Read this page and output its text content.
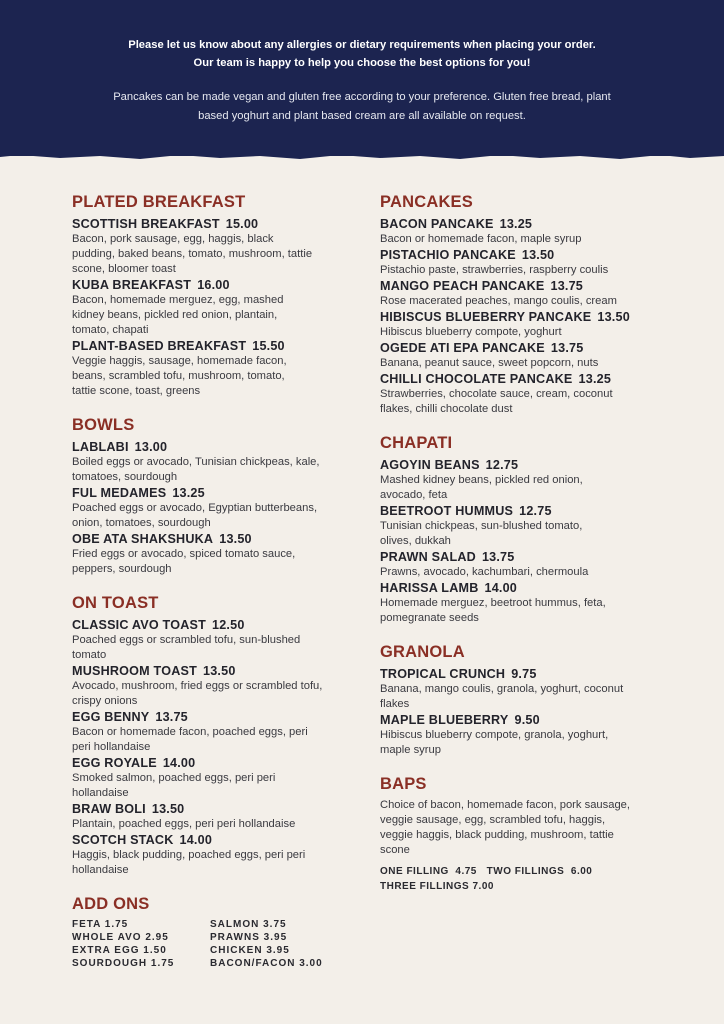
Please let us know about any allergies or dietary requirements when placing your order.
Our team is happy to help you choose the best options for you!
Pancakes can be made vegan and gluten free according to your preference. Gluten free bread, plant
based yoghurt and plant based cream are all available on request.
PLATED BREAKFAST
SCOTTISH BREAKFAST 15.00
Bacon, pork sausage, egg, haggis, black
pudding, baked beans, tomato, mushroom, tattie
scone, bloomer toast
KUBA BREAKFAST 16.00
Bacon, homemade merguez, egg, mashed
kidney beans, pickled red onion, plantain,
tomato, chapati
PLANT-BASED BREAKFAST 15.50
Veggie haggis, sausage, homemade facon,
beans, scrambled tofu, mushroom, tomato,
tattie scone, toast, greens
BOWLS
LABLABI 13.00
Boiled eggs or avocado, Tunisian chickpeas, kale,
tomatoes, sourdough
FUL MEDAMES 13.25
Poached eggs or avocado, Egyptian butterbeans,
onion, tomatoes, sourdough
OBE ATA SHAKSHUKA 13.50
Fried eggs or avocado, spiced tomato sauce,
peppers, sourdough
ON TOAST
CLASSIC AVO TOAST 12.50
Poached eggs or scrambled tofu, sun-blushed
tomato
MUSHROOM TOAST 13.50
Avocado, mushroom, fried eggs or scrambled tofu,
crispy onions
EGG BENNY 13.75
Bacon or homemade facon, poached eggs, peri
peri hollandaise
EGG ROYALE 14.00
Smoked salmon, poached eggs, peri peri
hollandaise
BRAW BOLI 13.50
Plantain, poached eggs, peri peri hollandaise
SCOTCH STACK 14.00
Haggis, black pudding, poached eggs, peri peri
hollandaise
ADD ONS
FETA 1.75	SALMON 3.75
WHOLE AVO 2.95	PRAWNS 3.95
EXTRA EGG 1.50	CHICKEN 3.95
SOURDOUGH 1.75	BACON/FACON 3.00
PANCAKES
BACON PANCAKE 13.25
Bacon or homemade facon, maple syrup
PISTACHIO PANCAKE 13.50
Pistachio paste, strawberries, raspberry coulis
MANGO PEACH PANCAKE 13.75
Rose macerated peaches, mango coulis, cream
HIBISCUS BLUEBERRY PANCAKE 13.50
Hibiscus blueberry compote, yoghurt
OGEDE ATI EPA PANCAKE 13.75
Banana, peanut sauce, sweet popcorn, nuts
CHILLI CHOCOLATE PANCAKE 13.25
Strawberries, chocolate sauce, cream, coconut
flakes, chilli chocolate dust
CHAPATI
AGOYIN BEANS 12.75
Mashed kidney beans, pickled red onion,
avocado, feta
BEETROOT HUMMUS 12.75
Tunisian chickpeas, sun-blushed tomato,
olives, dukkah
PRAWN SALAD 13.75
Prawns, avocado, kachumbari, chermoula
HARISSA LAMB 14.00
Homemade merguez, beetroot hummus, feta,
pomegranate seeds
GRANOLA
TROPICAL CRUNCH 9.75
Banana, mango coulis, granola, yoghurt, coconut
flakes
MAPLE BLUEBERRY 9.50
Hibiscus blueberry compote, granola, yoghurt,
maple syrup
BAPS
Choice of bacon, homemade facon, pork sausage,
veggie sausage, egg, scrambled tofu, haggis,
veggie haggis, black pudding, mushroom, tattie
scone
ONE FILLING  4.75   TWO FILLINGS  6.00
THREE FILLINGS 7.00
